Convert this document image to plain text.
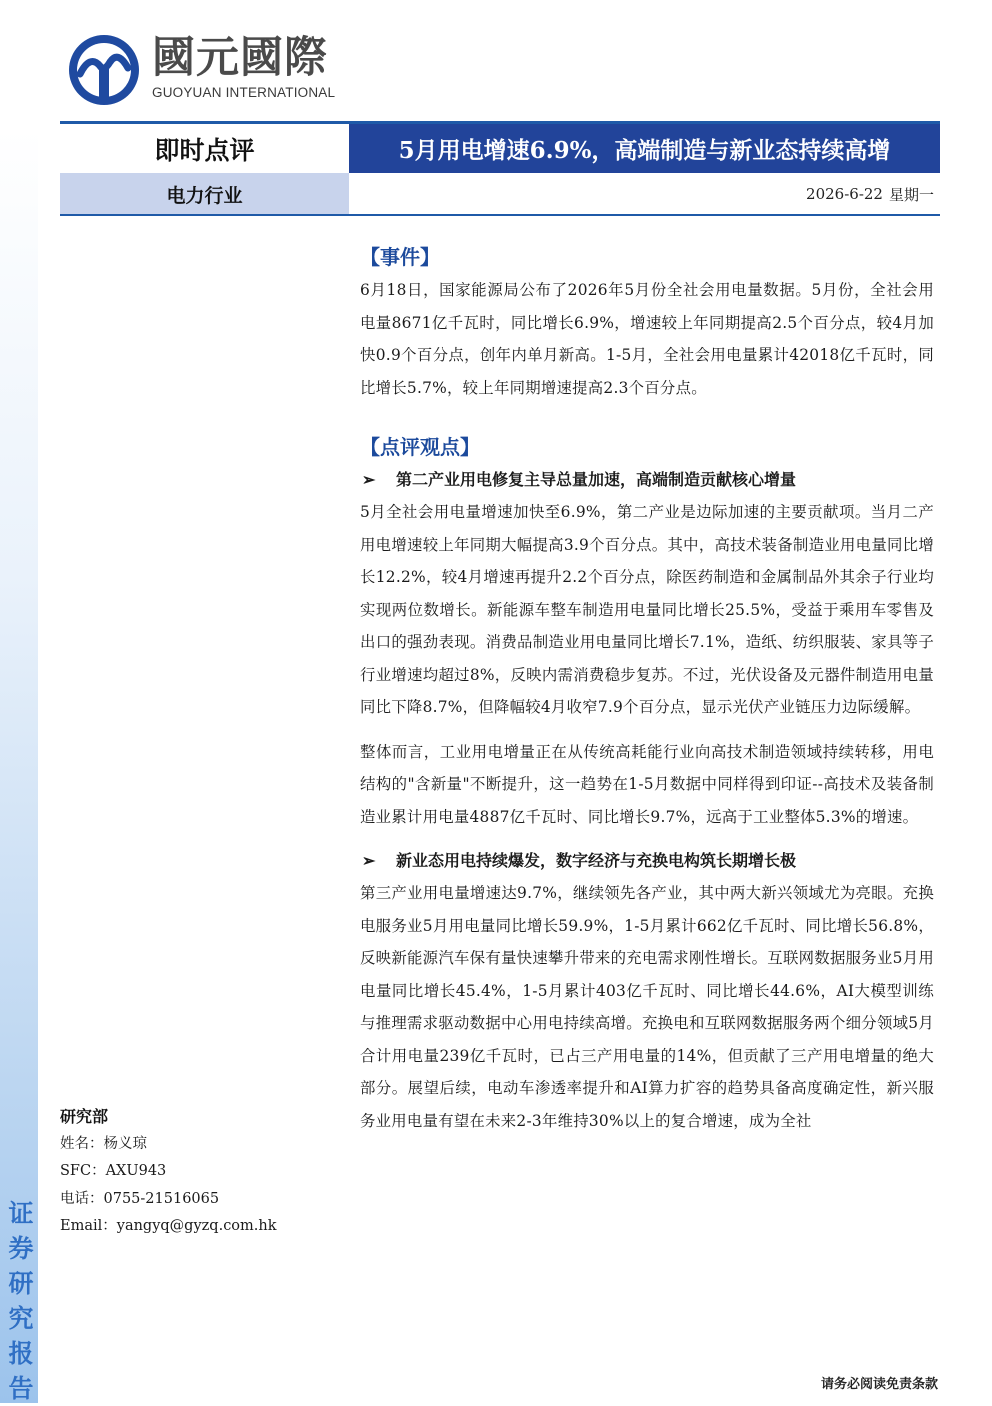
证券研究报告
國元國際
GUOYUAN INTERNATIONAL
即时点评	5月用电增速6.9%，高端制造与新业态持续高增
电力行业	2026-6-22 星期一

【事件】

6月18日，国家能源局公布了2026年5月份全社会用电量数据。5月份，全社会用电量8671亿千瓦时，同比增长6.9%，增速较上年同期提高2.5个百分点，较4月加快0.9个百分点，创年内单月新高。1-5月，全社会用电量累计42018亿千瓦时，同比增长5.7%，较上年同期增速提高2.3个百分点。

【点评观点】

➢	第二产业用电修复主导总量加速，高端制造贡献核心增量

5月全社会用电量增速加快至6.9%，第二产业是边际加速的主要贡献项。当月二产用电增速较上年同期大幅提高3.9个百分点。其中，高技术装备制造业用电量同比增长12.2%，较4月增速再提升2.2个百分点，除医药制造和金属制品外其余子行业均实现两位数增长。新能源车整车制造用电量同比增长25.5%，受益于乘用车零售及出口的强劲表现。消费品制造业用电量同比增长7.1%，造纸、纺织服装、家具等子行业增速均超过8%，反映内需消费稳步复苏。不过，光伏设备及元器件制造用电量同比下降8.7%，但降幅较4月收窄7.9个百分点，显示光伏产业链压力边际缓解。

整体而言，工业用电增量正在从传统高耗能行业向高技术制造领域持续转移，用电结构的"含新量"不断提升，这一趋势在1-5月数据中同样得到印证--高技术及装备制造业累计用电量4887亿千瓦时、同比增长9.7%，远高于工业整体5.3%的增速。

➢	新业态用电持续爆发，数字经济与充换电构筑长期增长极

第三产业用电量增速达9.7%，继续领先各产业，其中两大新兴领域尤为亮眼。充换电服务业5月用电量同比增长59.9%，1-5月累计662亿千瓦时、同比增长56.8%，反映新能源汽车保有量快速攀升带来的充电需求刚性增长。互联网数据服务业5月用电量同比增长45.4%，1-5月累计403亿千瓦时、同比增长44.6%，AI大模型训练与推理需求驱动数据中心用电持续高增。充换电和互联网数据服务两个细分领域5月合计用电量239亿千瓦时，已占三产用电量的14%，但贡献了三产用电增量的绝大部分。展望后续，电动车渗透率提升和AI算力扩容的趋势具备高度确定性，新兴服务业用电量有望在未来2-3年维持30%以上的复合增速，成为全社

研究部
姓名：杨义琼
SFC：AXU943
电话：0755-21516065
Email：yangyq@gyzq.com.hk
请务必阅读免责条款
